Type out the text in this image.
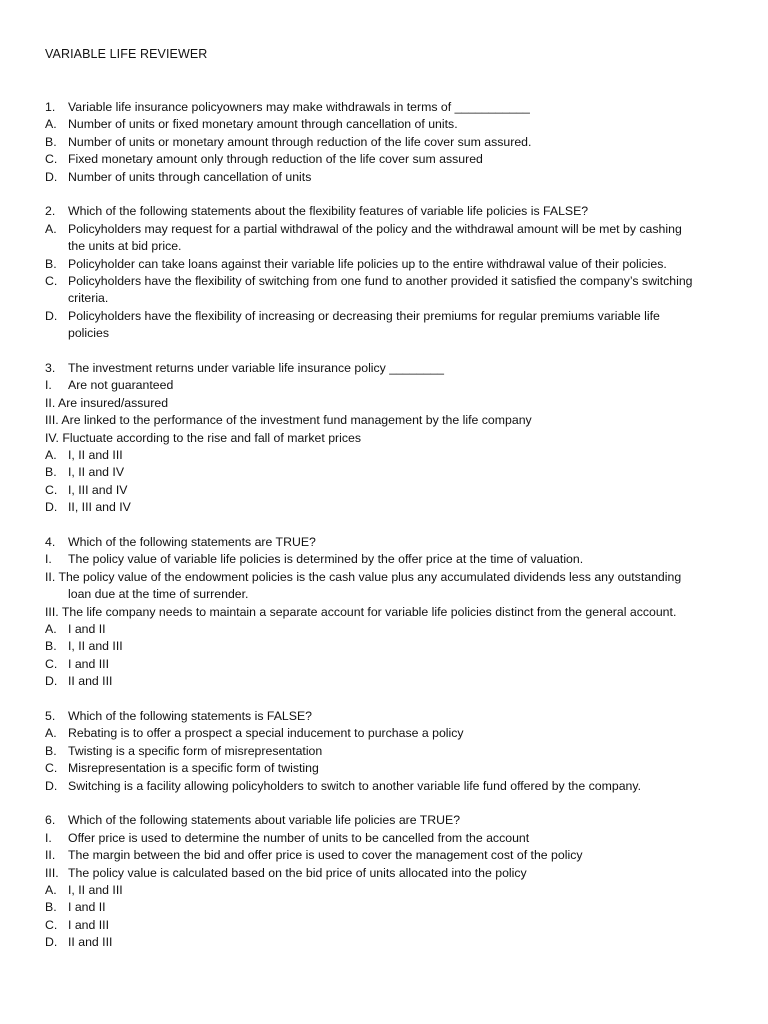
VARIABLE LIFE REVIEWER
1. Variable life insurance policyowners may make withdrawals in terms of ___________
A. Number of units or fixed monetary amount through cancellation of units.
B. Number of units or monetary amount through reduction of the life cover sum assured.
C. Fixed monetary amount only through reduction of the life cover sum assured
D. Number of units through cancellation of units
2. Which of the following statements about the flexibility features of variable life policies is FALSE?
A. Policyholders may request for a partial withdrawal of the policy and the withdrawal amount will be met by cashing
the units at bid price.
B. Policyholder can take loans against their variable life policies up to the entire withdrawal value of their policies.
C. Policyholders have the flexibility of switching from one fund to another provided it satisfied the company’s switching
criteria.
D. Policyholders have the flexibility of increasing or decreasing their premiums for regular premiums variable life
policies
3. The investment returns under variable life insurance policy ________
I. Are not guaranteed
II. Are insured/assured
III. Are linked to the performance of the investment fund management by the life company
IV. Fluctuate according to the rise and fall of market prices
A. I, II and III
B. I, II and IV
C. I, III and IV
D. II, III and IV
4. Which of the following statements are TRUE?
I. The policy value of variable life policies is determined by the offer price at the time of valuation.
II. The policy value of the endowment policies is the cash value plus any accumulated dividends less any outstanding
loan due at the time of surrender.
III. The life company needs to maintain a separate account for variable life policies distinct from the general account.
A. I and II
B. I, II and III
C. I and III
D. II and III
5. Which of the following statements is FALSE?
A. Rebating is to offer a prospect a special inducement to purchase a policy
B. Twisting is a specific form of misrepresentation
C. Misrepresentation is a specific form of twisting
D. Switching is a facility allowing policyholders to switch to another variable life fund offered by the company.
6. Which of the following statements about variable life policies are TRUE?
I. Offer price is used to determine the number of units to be cancelled from the account
II. The margin between the bid and offer price is used to cover the management cost of the policy
III. The policy value is calculated based on the bid price of units allocated into the policy
A. I, II and III
B. I and II
C. I and III
D. II and III
